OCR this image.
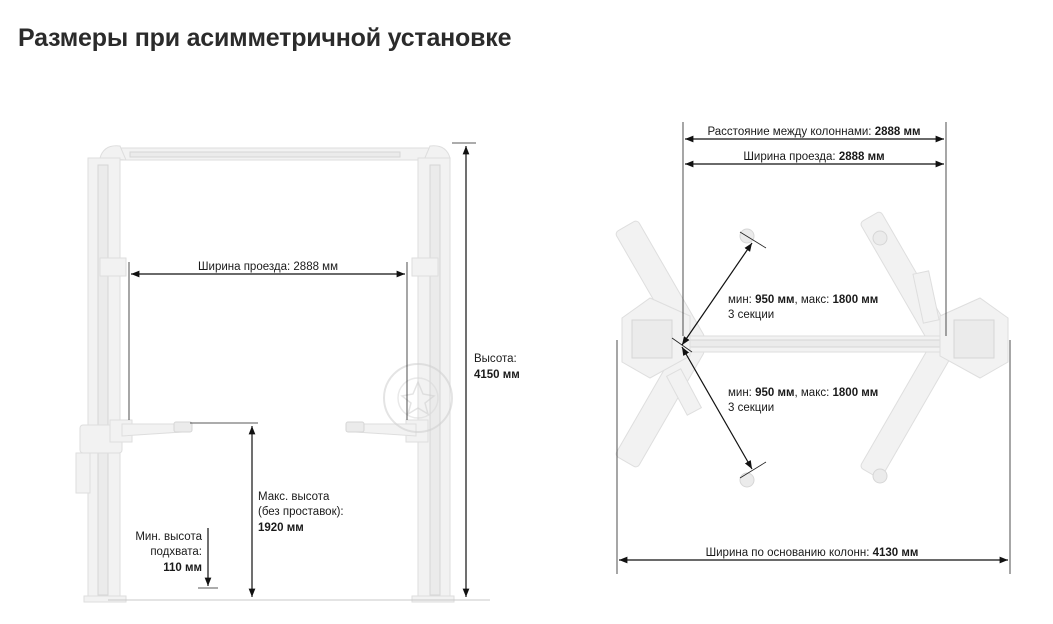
Размеры при асимметричной установке
Ширина проезда: 2888 мм
Высота:
4150 мм
Макс. высота
(без проставок):
1920 мм
Мин. высота
подхвата:
110 мм
Расстояние между колоннами: 2888 мм
Ширина проезда: 2888 мм
мин: 950 мм, макс: 1800 мм
3 секции
мин: 950 мм, макс: 1800 мм
3 секции
Ширина по основанию колонн: 4130 мм
